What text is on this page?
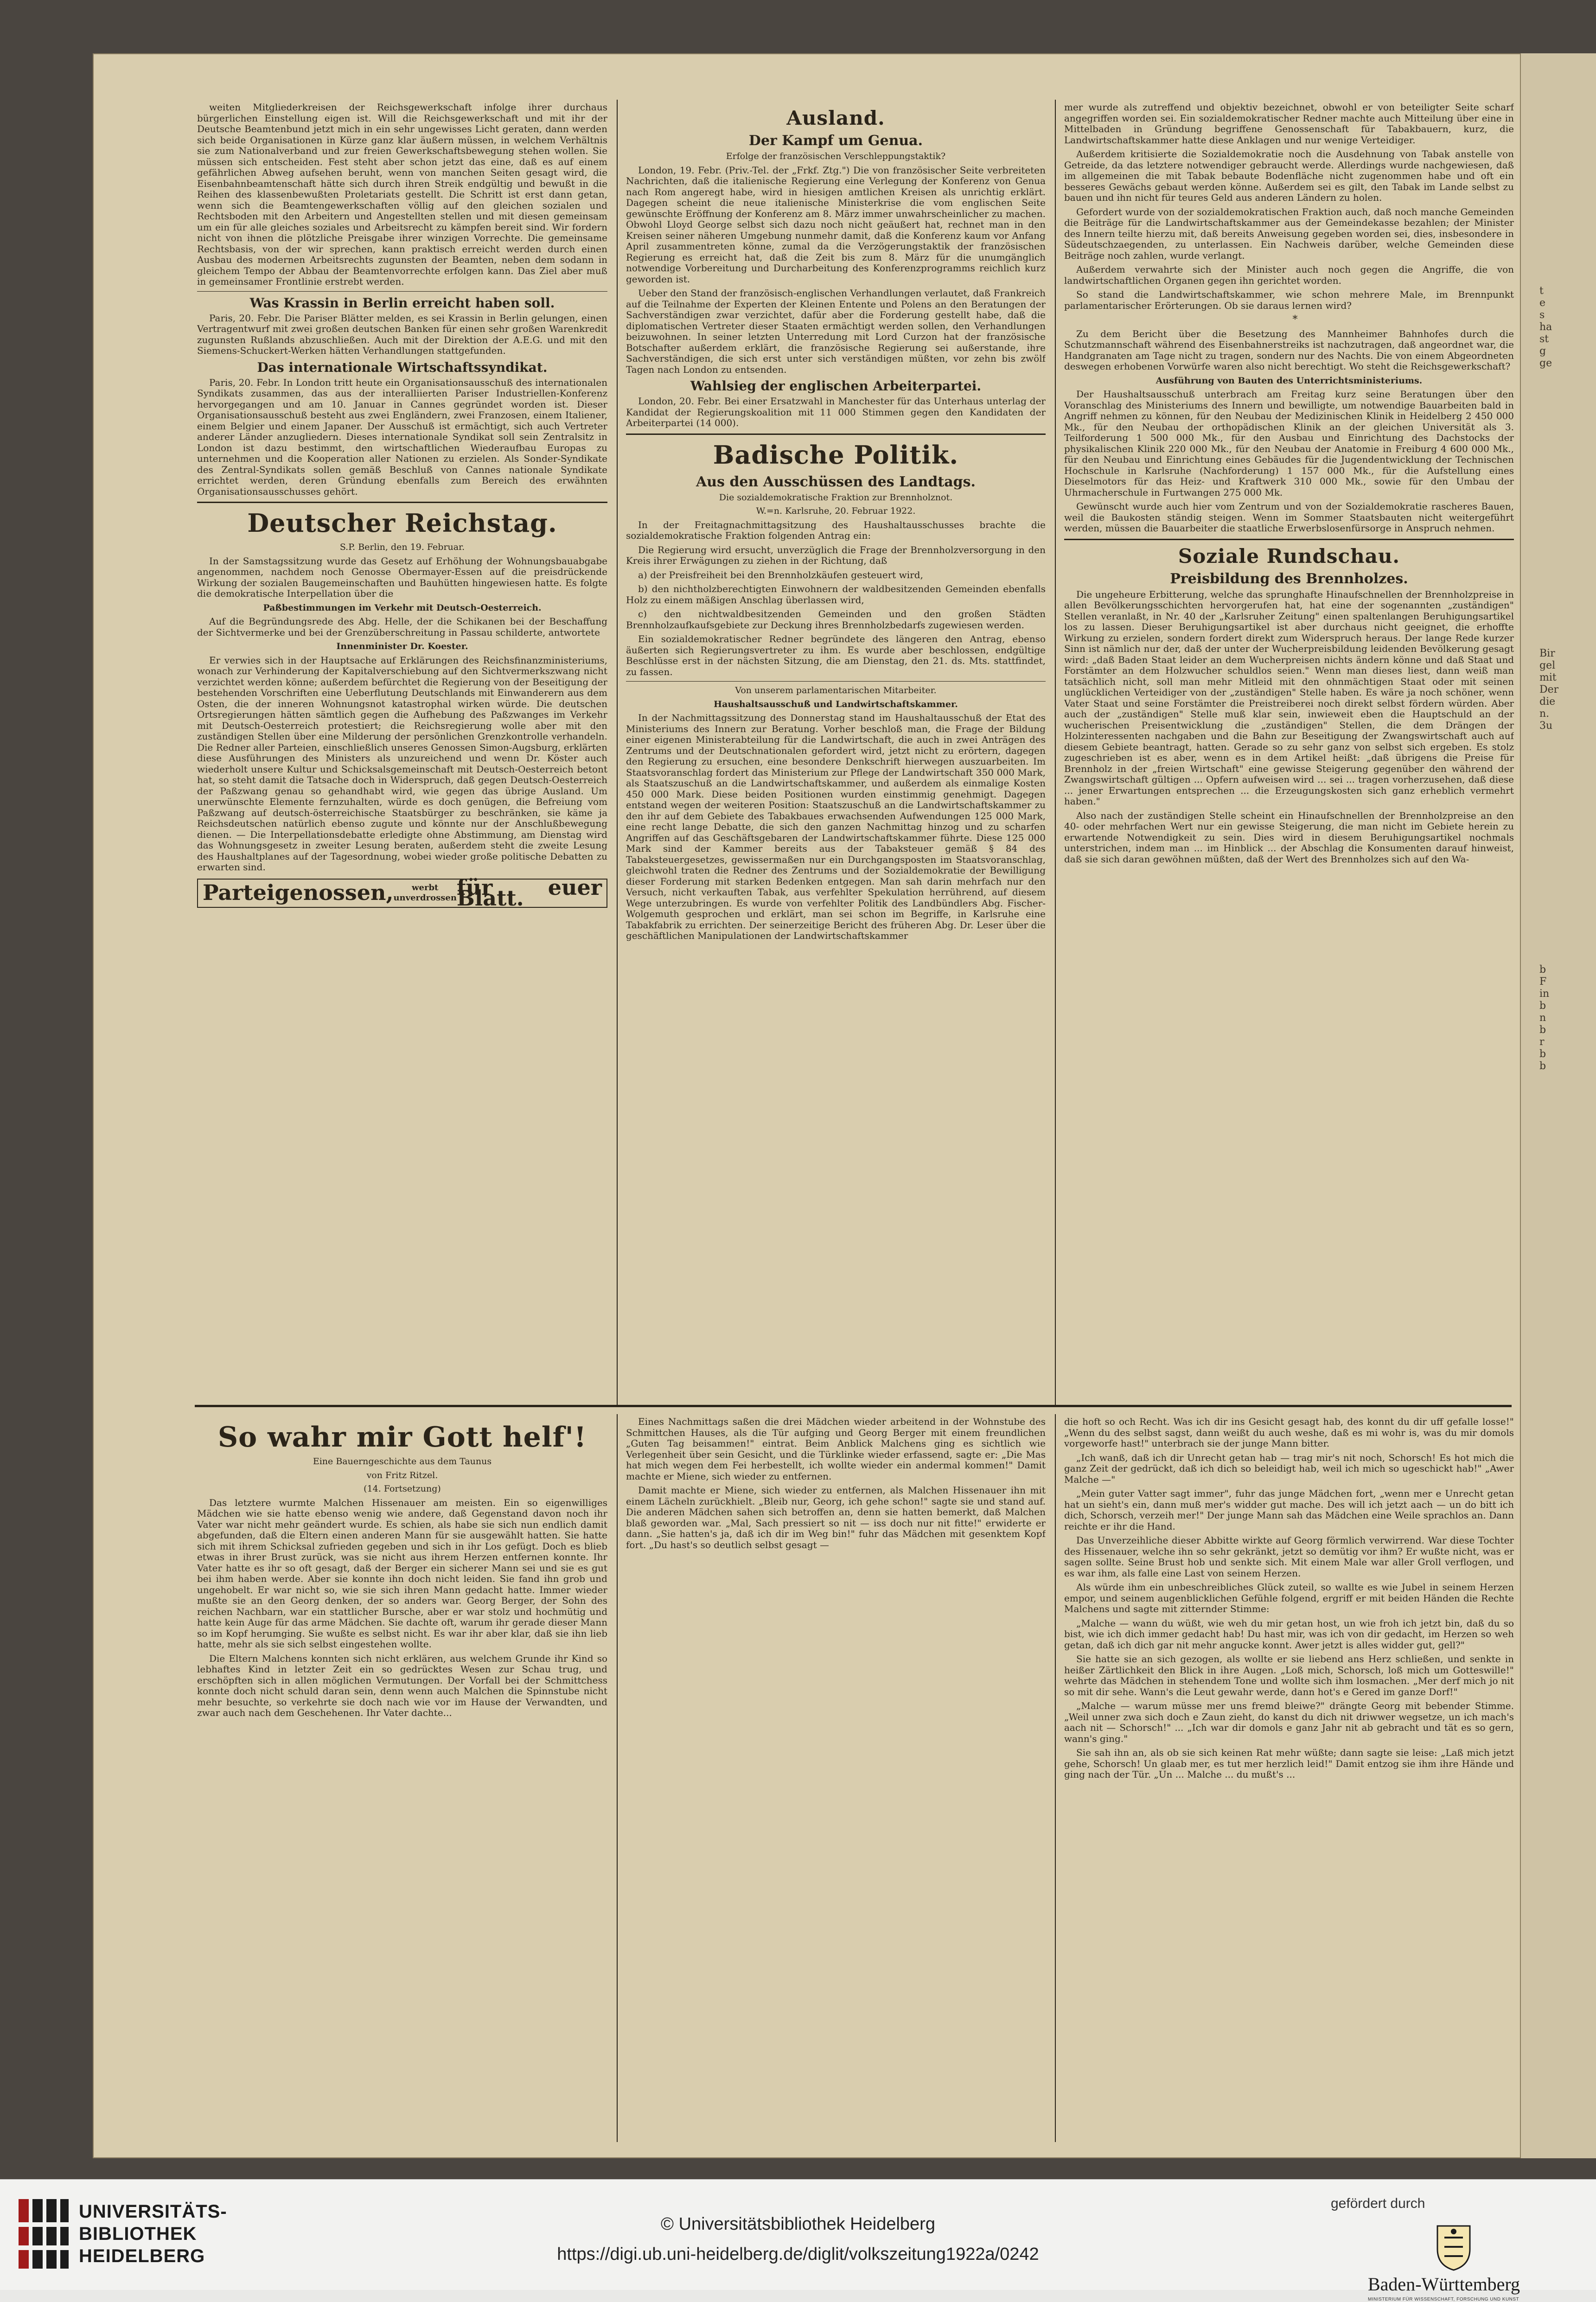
t
e
s
ha
st
g
ge
Bir
gel
mit
Der
die
n.
3u
b
F
in
b
n
b
r
b
b

weiten Mitgliederkreisen der Reichsgewerkschaft infolge ihrer durchaus bürgerlichen Einstellung eigen ist. Will die Reichsgewerkschaft und mit ihr der Deutsche Beamtenbund jetzt mich in ein sehr ungewisses Licht geraten, dann werden sich beide Organisationen in Kürze ganz klar äußern müssen, in welchem Verhältnis sie zum Nationalverband und zur freien Gewerkschaftsbewegung stehen wollen. Sie müssen sich entscheiden. Fest steht aber schon jetzt das eine, daß es auf einem gefährlichen Abweg aufsehen beruht, wenn von manchen Seiten gesagt wird, die Eisenbahnbeamtenschaft hätte sich durch ihren Streik endgültig und bewußt in die Reihen des klassenbewußten Proletariats gestellt. Die Schritt ist erst dann getan, wenn sich die Beamtengewerkschaften völlig auf den gleichen sozialen und Rechtsboden mit den Arbeitern und Angestellten stellen und mit diesen gemeinsam um ein für alle gleiches soziales und Arbeitsrecht zu kämpfen bereit sind. Wir fordern nicht von ihnen die plötzliche Preisgabe ihrer winzigen Vorrechte. Die gemeinsame Rechtsbasis, von der wir sprechen, kann praktisch erreicht werden durch einen Ausbau des modernen Arbeitsrechts zugunsten der Beamten, neben dem sodann in gleichem Tempo der Abbau der Beamtenvorrechte erfolgen kann. Das Ziel aber muß in gemeinsamer Frontlinie erstrebt werden.

Was Krassin in Berlin erreicht haben soll.

Paris, 20. Febr. Die Pariser Blätter melden, es sei Krassin in Berlin gelungen, einen Vertragentwurf mit zwei großen deutschen Banken für einen sehr großen Warenkredit zugunsten Rußlands abzuschließen. Auch mit der Direktion der A.E.G. und mit den Siemens-Schuckert-Werken hätten Verhandlungen stattgefunden.

Das internationale Wirtschaftssyndikat.

Paris, 20. Febr. In London tritt heute ein Organisationsausschuß des internationalen Syndikats zusammen, das aus der interalliierten Pariser Industriellen-Konferenz hervorgegangen und am 10. Januar in Cannes gegründet worden ist. Dieser Organisationsausschuß besteht aus zwei Engländern, zwei Franzosen, einem Italiener, einem Belgier und einem Japaner. Der Ausschuß ist ermächtigt, sich auch Vertreter anderer Länder anzugliedern. Dieses internationale Syndikat soll sein Zentralsitz in London ist dazu bestimmt, den wirtschaftlichen Wiederaufbau Europas zu unternehmen und die Kooperation aller Nationen zu erzielen. Als Sonder-Syndikate des Zentral-Syndikats sollen gemäß Beschluß von Cannes nationale Syndikate errichtet werden, deren Gründung ebenfalls zum Bereich des erwähnten Organisationsausschusses gehört.

Deutscher Reichstag.

S.P. Berlin, den 19. Februar.

In der Samstagssitzung wurde das Gesetz auf Erhöhung der Wohnungsbauabgabe angenommen, nachdem noch Genosse Obermayer-Essen auf die preisdrückende Wirkung der sozialen Baugemeinschaften und Bauhütten hingewiesen hatte. Es folgte die demokratische Interpellation über die

Paßbestimmungen im Verkehr mit Deutsch-Oesterreich.

Auf die Begründungsrede des Abg. Helle, der die Schikanen bei der Beschaffung der Sichtvermerke und bei der Grenzüberschreitung in Passau schilderte, antwortete

Innenminister Dr. Koester.

Er verwies sich in der Hauptsache auf Erklärungen des Reichsfinanzministeriums, wonach zur Verhinderung der Kapitalverschiebung auf den Sichtvermerkszwang nicht verzichtet werden könne; außerdem befürchtet die Regierung von der Beseitigung der bestehenden Vorschriften eine Ueberflutung Deutschlands mit Einwanderern aus dem Osten, die der inneren Wohnungsnot katastrophal wirken würde. Die deutschen Ortsregierungen hätten sämtlich gegen die Aufhebung des Paßzwanges im Verkehr mit Deutsch-Oesterreich protestiert; die Reichsregierung wolle aber mit den zuständigen Stellen über eine Milderung der persönlichen Grenzkontrolle verhandeln. Die Redner aller Parteien, einschließlich unseres Genossen Simon-Augsburg, erklärten diese Ausführungen des Ministers als unzureichend und wenn Dr. Köster auch wiederholt unsere Kultur und Schicksalsgemeinschaft mit Deutsch-Oesterreich betont hat, so steht damit die Tatsache doch in Widerspruch, daß gegen Deutsch-Oesterreich der Paßzwang genau so gehandhabt wird, wie gegen das übrige Ausland. Um unerwünschte Elemente fernzuhalten, würde es doch genügen, die Befreiung vom Paßzwang auf deutsch-österreichische Staatsbürger zu beschränken, sie käme ja Reichsdeutschen natürlich ebenso zugute und könnte nur der Anschlußbewegung dienen. — Die Interpellationsdebatte erledigte ohne Abstimmung, am Dienstag wird das Wohnungsgesetz in zweiter Lesung beraten, außerdem steht die zweite Lesung des Haushaltplanes auf der Tagesordnung, wobei wieder große politische Debatten zu erwarten sind.

Parteigenossen,	werbt
unverdrossen für euer Blatt.
Ausland.
Der Kampf um Genua.

Erfolge der französischen Verschleppungstaktik?

London, 19. Febr. (Priv.-Tel. der „Frkf. Ztg.") Die von französischer Seite verbreiteten Nachrichten, daß die italienische Regierung eine Verlegung der Konferenz von Genua nach Rom angeregt habe, wird in hiesigen amtlichen Kreisen als unrichtig erklärt. Dagegen scheint die neue italienische Ministerkrise die vom englischen Seite gewünschte Eröffnung der Konferenz am 8. März immer unwahrscheinlicher zu machen. Obwohl Lloyd George selbst sich dazu noch nicht geäußert hat, rechnet man in den Kreisen seiner näheren Umgebung nunmehr damit, daß die Konferenz kaum vor Anfang April zusammentreten könne, zumal da die Verzögerungstaktik der französischen Regierung es erreicht hat, daß die Zeit bis zum 8. März für die unumgänglich notwendige Vorbereitung und Durcharbeitung des Konferenzprogramms reichlich kurz geworden ist.

Ueber den Stand der französisch-englischen Verhandlungen verlautet, daß Frankreich auf die Teilnahme der Experten der Kleinen Entente und Polens an den Beratungen der Sachverständigen zwar verzichtet, dafür aber die Forderung gestellt habe, daß die diplomatischen Vertreter dieser Staaten ermächtigt werden sollen, den Verhandlungen beizuwohnen. In seiner letzten Unterredung mit Lord Curzon hat der französische Botschafter außerdem erklärt, die französische Regierung sei außerstande, ihre Sachverständigen, die sich erst unter sich verständigen müßten, vor zehn bis zwölf Tagen nach London zu entsenden.

Wahlsieg der englischen Arbeiterpartei.

London, 20. Febr. Bei einer Ersatzwahl in Manchester für das Unterhaus unterlag der Kandidat der Regierungskoalition mit 11 000 Stimmen gegen den Kandidaten der Arbeiterpartei (14 000).

Badische Politik.
Aus den Ausschüssen des Landtags.

Die sozialdemokratische Fraktion zur Brennholznot.

W.=n. Karlsruhe, 20. Februar 1922.

In der Freitagnachmittagsitzung des Haushaltausschusses brachte die sozialdemokratische Fraktion folgenden Antrag ein:

Die Regierung wird ersucht, unverzüglich die Frage der Brennholzversorgung in den Kreis ihrer Erwägungen zu ziehen in der Richtung, daß

a) der Preisfreiheit bei den Brennholzkäufen gesteuert wird,

b) den nichtholzberechtigten Einwohnern der waldbesitzenden Gemeinden ebenfalls Holz zu einem mäßigen Anschlag überlassen wird,

c) den nichtwaldbesitzenden Gemeinden und den großen Städten Brennholzaufkaufsgebiete zur Deckung ihres Brennholzbedarfs zugewiesen werden.

Ein sozialdemokratischer Redner begründete des längeren den Antrag, ebenso äußerten sich Regierungsvertreter zu ihm. Es wurde aber beschlossen, endgültige Beschlüsse erst in der nächsten Sitzung, die am Dienstag, den 21. ds. Mts. stattfindet, zu fassen.

Von unserem parlamentarischen Mitarbeiter.

Haushaltsausschuß und Landwirtschaftskammer.

In der Nachmittagssitzung des Donnerstag stand im Haushaltausschuß der Etat des Ministeriums des Innern zur Beratung. Vorher beschloß man, die Frage der Bildung einer eigenen Ministerabteilung für die Landwirtschaft, die auch in zwei Anträgen des Zentrums und der Deutschnationalen gefordert wird, jetzt nicht zu erörtern, dagegen den Regierung zu ersuchen, eine besondere Denkschrift hierwegen auszuarbeiten. Im Staatsvoranschlag fordert das Ministerium zur Pflege der Landwirtschaft 350 000 Mark, als Staatszuschuß an die Landwirtschaftskammer, und außerdem als einmalige Kosten 450 000 Mark. Diese beiden Positionen wurden einstimmig genehmigt. Dagegen entstand wegen der weiteren Position: Staatszuschuß an die Landwirtschaftskammer zu den ihr auf dem Gebiete des Tabakbaues erwachsenden Aufwendungen 125 000 Mark, eine recht lange Debatte, die sich den ganzen Nachmittag hinzog und zu scharfen Angriffen auf das Geschäftsgebaren der Landwirtschaftskammer führte. Diese 125 000 Mark sind der Kammer bereits aus der Tabaksteuer gemäß § 84 des Tabaksteuergesetzes, gewissermaßen nur ein Durchgangsposten im Staatsvoranschlag, gleichwohl traten die Redner des Zentrums und der Sozialdemokratie der Bewilligung dieser Forderung mit starken Bedenken entgegen. Man sah darin mehrfach nur den Versuch, nicht verkauften Tabak, aus verfehlter Spekulation herrührend, auf diesem Wege unterzubringen. Es wurde von verfehlter Politik des Landbündlers Abg. Fischer-Wolgemuth gesprochen und erklärt, man sei schon im Begriffe, in Karlsruhe eine Tabakfabrik zu errichten. Der seinerzeitige Bericht des früheren Abg. Dr. Leser über die geschäftlichen Manipulationen der Landwirtschaftskammer

mer wurde als zutreffend und objektiv bezeichnet, obwohl er von beteiligter Seite scharf angegriffen worden sei. Ein sozialdemokratischer Redner machte auch Mitteilung über eine in Mittelbaden in Gründung begriffene Genossenschaft für Tabakbauern, kurz, die Landwirtschaftskammer hatte diese Anklagen und nur wenige Verteidiger.

Außerdem kritisierte die Sozialdemokratie noch die Ausdehnung von Tabak anstelle von Getreide, da das letztere notwendiger gebraucht werde. Allerdings wurde nachgewiesen, daß im allgemeinen die mit Tabak bebaute Bodenfläche nicht zugenommen habe und oft ein besseres Gewächs gebaut werden könne. Außerdem sei es gilt, den Tabak im Lande selbst zu bauen und ihn nicht für teures Geld aus anderen Ländern zu holen.

Gefordert wurde von der sozialdemokratischen Fraktion auch, daß noch manche Gemeinden die Beiträge für die Landwirtschaftskammer aus der Gemeindekasse bezahlen; der Minister des Innern teilte hierzu mit, daß bereits Anweisung gegeben worden sei, dies, insbesondere in Südeutschzaegenden, zu unterlassen. Ein Nachweis darüber, welche Gemeinden diese Beiträge noch zahlen, wurde verlangt.

Außerdem verwahrte sich der Minister auch noch gegen die Angriffe, die von landwirtschaftlichen Organen gegen ihn gerichtet worden.

So stand die Landwirtschaftskammer, wie schon mehrere Male, im Brennpunkt parlamentarischer Erörterungen. Ob sie daraus lernen wird?

*

Zu dem Bericht über die Besetzung des Mannheimer Bahnhofes durch die Schutzmannschaft während des Eisenbahnerstreiks ist nachzutragen, daß angeordnet war, die Handgranaten am Tage nicht zu tragen, sondern nur des Nachts. Die von einem Abgeordneten deswegen erhobenen Vorwürfe waren also nicht berechtigt. Wo steht die Reichsgewerkschaft?

Ausführung von Bauten des Unterrichtsministeriums.

Der Haushaltsausschuß unterbrach am Freitag kurz seine Beratungen über den Voranschlag des Ministeriums des Innern und bewilligte, um notwendige Bauarbeiten bald in Angriff nehmen zu können, für den Neubau der Medizinischen Klinik in Heidelberg 2 450 000 Mk., für den Neubau der orthopädischen Klinik an der gleichen Universität als 3. Teilforderung 1 500 000 Mk., für den Ausbau und Einrichtung des Dachstocks der physikalischen Klinik 220 000 Mk., für den Neubau der Anatomie in Freiburg 4 600 000 Mk., für den Neubau und Einrichtung eines Gebäudes für die Jugendentwicklung der Technischen Hochschule in Karlsruhe (Nachforderung) 1 157 000 Mk., für die Aufstellung eines Dieselmotors für das Heiz- und Kraftwerk 310 000 Mk., sowie für den Umbau der Uhrmacherschule in Furtwangen 275 000 Mk.

Gewünscht wurde auch hier vom Zentrum und von der Sozialdemokratie rascheres Bauen, weil die Baukosten ständig steigen. Wenn im Sommer Staatsbauten nicht weitergeführt werden, müssen die Bauarbeiter die staatliche Erwerbslosenfürsorge in Anspruch nehmen.

Soziale Rundschau.
Preisbildung des Brennholzes.

Die ungeheure Erbitterung, welche das sprunghafte Hinaufschnellen der Brennholzpreise in allen Bevölkerungsschichten hervorgerufen hat, hat eine der sogenannten „zuständigen" Stellen veranlaßt, in Nr. 40 der „Karlsruher Zeitung" einen spaltenlangen Beruhigungsartikel los zu lassen. Dieser Beruhigungsartikel ist aber durchaus nicht geeignet, die erhoffte Wirkung zu erzielen, sondern fordert direkt zum Widerspruch heraus. Der lange Rede kurzer Sinn ist nämlich nur der, daß der unter der Wucherpreisbildung leidenden Bevölkerung gesagt wird: „daß Baden Staat leider an dem Wucherpreisen nichts ändern könne und daß Staat und Forstämter an dem Holzwucher schuldlos seien." Wenn man dieses liest, dann weiß man tatsächlich nicht, soll man mehr Mitleid mit den ohnmächtigen Staat oder mit seinen unglücklichen Verteidiger von der „zuständigen" Stelle haben. Es wäre ja noch schöner, wenn Vater Staat und seine Forstämter die Preistreiberei noch direkt selbst fördern würden. Aber auch der „zuständigen" Stelle muß klar sein, inwieweit eben die Hauptschuld an der wucherischen Preisentwicklung die „zuständigen" Stellen, die dem Drängen der Holzinteressenten nachgaben und die Bahn zur Beseitigung der Zwangswirtschaft auch auf diesem Gebiete beantragt, hatten. Gerade so zu sehr ganz von selbst sich ergeben. Es stolz zugeschrieben ist es aber, wenn es in dem Artikel heißt: „daß übrigens die Preise für Brennholz in der „freien Wirtschaft" eine gewisse Steigerung gegenüber den während der Zwangswirtschaft gültigen ... Opfern aufweisen wird ... sei ... tragen vorherzusehen, daß diese ... jener Erwartungen entsprechen ... die Erzeugungskosten sich ganz erheblich vermehrt haben."

Also nach der zuständigen Stelle scheint ein Hinaufschnellen der Brennholzpreise an den 40- oder mehrfachen Wert nur ein gewisse Steigerung, die man nicht im Gebiete herein zu erwartende Notwendigkeit zu sein. Dies wird in diesem Beruhigungsartikel nochmals unterstrichen, indem man ... im Hinblick ... der Abschlag die Konsumenten darauf hinweist, daß sie sich daran gewöhnen müßten, daß der Wert des Brennholzes sich auf den Wa-

So wahr mir Gott helf'!

Eine Bauerngeschichte aus dem Taunus

von Fritz Ritzel.

(14. Fortsetzung)

Das letztere wurmte Malchen Hissenauer am meisten. Ein so eigenwilliges Mädchen wie sie hatte ebenso wenig wie andere, daß Gegenstand davon noch ihr Vater war nicht mehr geändert wurde. Es schien, als habe sie sich nun endlich damit abgefunden, daß die Eltern einen anderen Mann für sie ausgewählt hatten. Sie hatte sich mit ihrem Schicksal zufrieden gegeben und sich in ihr Los gefügt. Doch es blieb etwas in ihrer Brust zurück, was sie nicht aus ihrem Herzen entfernen konnte. Ihr Vater hatte es ihr so oft gesagt, daß der Berger ein sicherer Mann sei und sie es gut bei ihm haben werde. Aber sie konnte ihn doch nicht leiden. Sie fand ihn grob und ungehobelt. Er war nicht so, wie sie sich ihren Mann gedacht hatte. Immer wieder mußte sie an den Georg denken, der so anders war. Georg Berger, der Sohn des reichen Nachbarn, war ein stattlicher Bursche, aber er war stolz und hochmütig und hatte kein Auge für das arme Mädchen. Sie dachte oft, warum ihr gerade dieser Mann so im Kopf herumging. Sie wußte es selbst nicht. Es war ihr aber klar, daß sie ihn lieb hatte, mehr als sie sich selbst eingestehen wollte.

Die Eltern Malchens konnten sich nicht erklären, aus welchem Grunde ihr Kind so lebhaftes Kind in letzter Zeit ein so gedrücktes Wesen zur Schau trug, und erschöpften sich in allen möglichen Vermutungen. Der Vorfall bei der Schmittchess konnte doch nicht schuld daran sein, denn wenn auch Malchen die Spinnstube nicht mehr besuchte, so verkehrte sie doch nach wie vor im Hause der Verwandten, und zwar auch nach dem Geschehenen. Ihr Vater dachte...

Eines Nachmittags saßen die drei Mädchen wieder arbeitend in der Wohnstube des Schmittchen Hauses, als die Tür aufging und Georg Berger mit einem freundlichen „Guten Tag beisammen!" eintrat. Beim Anblick Malchens ging es sichtlich wie Verlegenheit über sein Gesicht, und die Türklinke wieder erfassend, sagte er: „Die Mas hat mich wegen dem Fei herbestellt, ich wollte wieder ein andermal kommen!" Damit machte er Miene, sich wieder zu entfernen.

Damit machte er Miene, sich wieder zu entfernen, als Malchen Hissenauer ihn mit einem Lächeln zurückhielt. „Bleib nur, Georg, ich gehe schon!" sagte sie und stand auf. Die anderen Mädchen sahen sich betroffen an, denn sie hatten bemerkt, daß Malchen blaß geworden war. „Mal, Sach pressiert so nit — iss doch nur nit fitte!" erwiderte er dann. „Sie hatten's ja, daß ich dir im Weg bin!" fuhr das Mädchen mit gesenktem Kopf fort. „Du hast's so deutlich selbst gesagt —

die hoft so och Recht. Was ich dir ins Gesicht gesagt hab, des konnt du dir uff gefalle losse!" „Wenn du des selbst sagst, dann weißt du auch weshe, daß es mi wohr is, was du mir domols vorgeworfe hast!" unterbrach sie der junge Mann bitter.

„Ich wanß, daß ich dir Unrecht getan hab — trag mir's nit noch, Schorsch! Es hot mich die ganz Zeit der gedrückt, daß ich dich so beleidigt hab, weil ich mich so ugeschickt hab!" „Awer Malche —"

„Mein guter Vatter sagt immer", fuhr das junge Mädchen fort, „wenn mer e Unrecht getan hat un sieht's ein, dann muß mer's widder gut mache. Des will ich jetzt aach — un do bitt ich dich, Schorsch, verzeih mer!" Der junge Mann sah das Mädchen eine Weile sprachlos an. Dann reichte er ihr die Hand.

Das Unverzeihliche dieser Abbitte wirkte auf Georg förmlich verwirrend. War diese Tochter des Hissenauer, welche ihn so sehr gekränkt, jetzt so demütig vor ihm? Er wußte nicht, was er sagen sollte. Seine Brust hob und senkte sich. Mit einem Male war aller Groll verflogen, und es war ihm, als falle eine Last von seinem Herzen.

Als würde ihm ein unbeschreibliches Glück zuteil, so wallte es wie Jubel in seinem Herzen empor, und seinem augenblicklichen Gefühle folgend, ergriff er mit beiden Händen die Rechte Malchens und sagte mit zitternder Stimme:

„Malche — wann du wüßt, wie weh du mir getan host, un wie froh ich jetzt bin, daß du so bist, wie ich dich immer gedacht hab! Du hast mir, was ich von dir gedacht, im Herzen so weh getan, daß ich dich gar nit mehr angucke konnt. Awer jetzt is alles widder gut, gell?"

Sie hatte sie an sich gezogen, als wollte er sie liebend ans Herz schließen, und senkte in heißer Zärtlichkeit den Blick in ihre Augen. „Loß mich, Schorsch, loß mich um Gotteswille!" wehrte das Mädchen in stehendem Tone und wollte sich ihm losmachen. „Mer derf mich jo nit so mit dir sehe. Wann's die Leut gewahr werde, dann hot's e Gered im ganze Dorf!"

„Malche — warum müsse mer uns fremd bleiwe?" drängte Georg mit bebender Stimme. „Weil unner zwa sich doch e Zaun zieht, do kanst du dich nit driwwer wegsetze, un ich mach's aach nit — Schorsch!" ... „Ich war dir domols e ganz Jahr nit ab gebracht und tät es so gern, wann's ging."

Sie sah ihn an, als ob sie sich keinen Rat mehr wüßte; dann sagte sie leise: „Laß mich jetzt gehe, Schorsch! Un glaab mer, es tut mer herzlich leid!" Damit entzog sie ihm ihre Hände und ging nach der Tür. „Un ... Malche ... du mußt's ...

UNIVERSITÄTS-
BIBLIOTHEK
HEIDELBERG
© Universitätsbibliothek Heidelberg
https://digi.ub.uni-heidelberg.de/diglit/volkszeitung1922a/0242
gefördert durch
Baden-Württemberg
MINISTERIUM FÜR WISSENSCHAFT, FORSCHUNG UND KUNST
